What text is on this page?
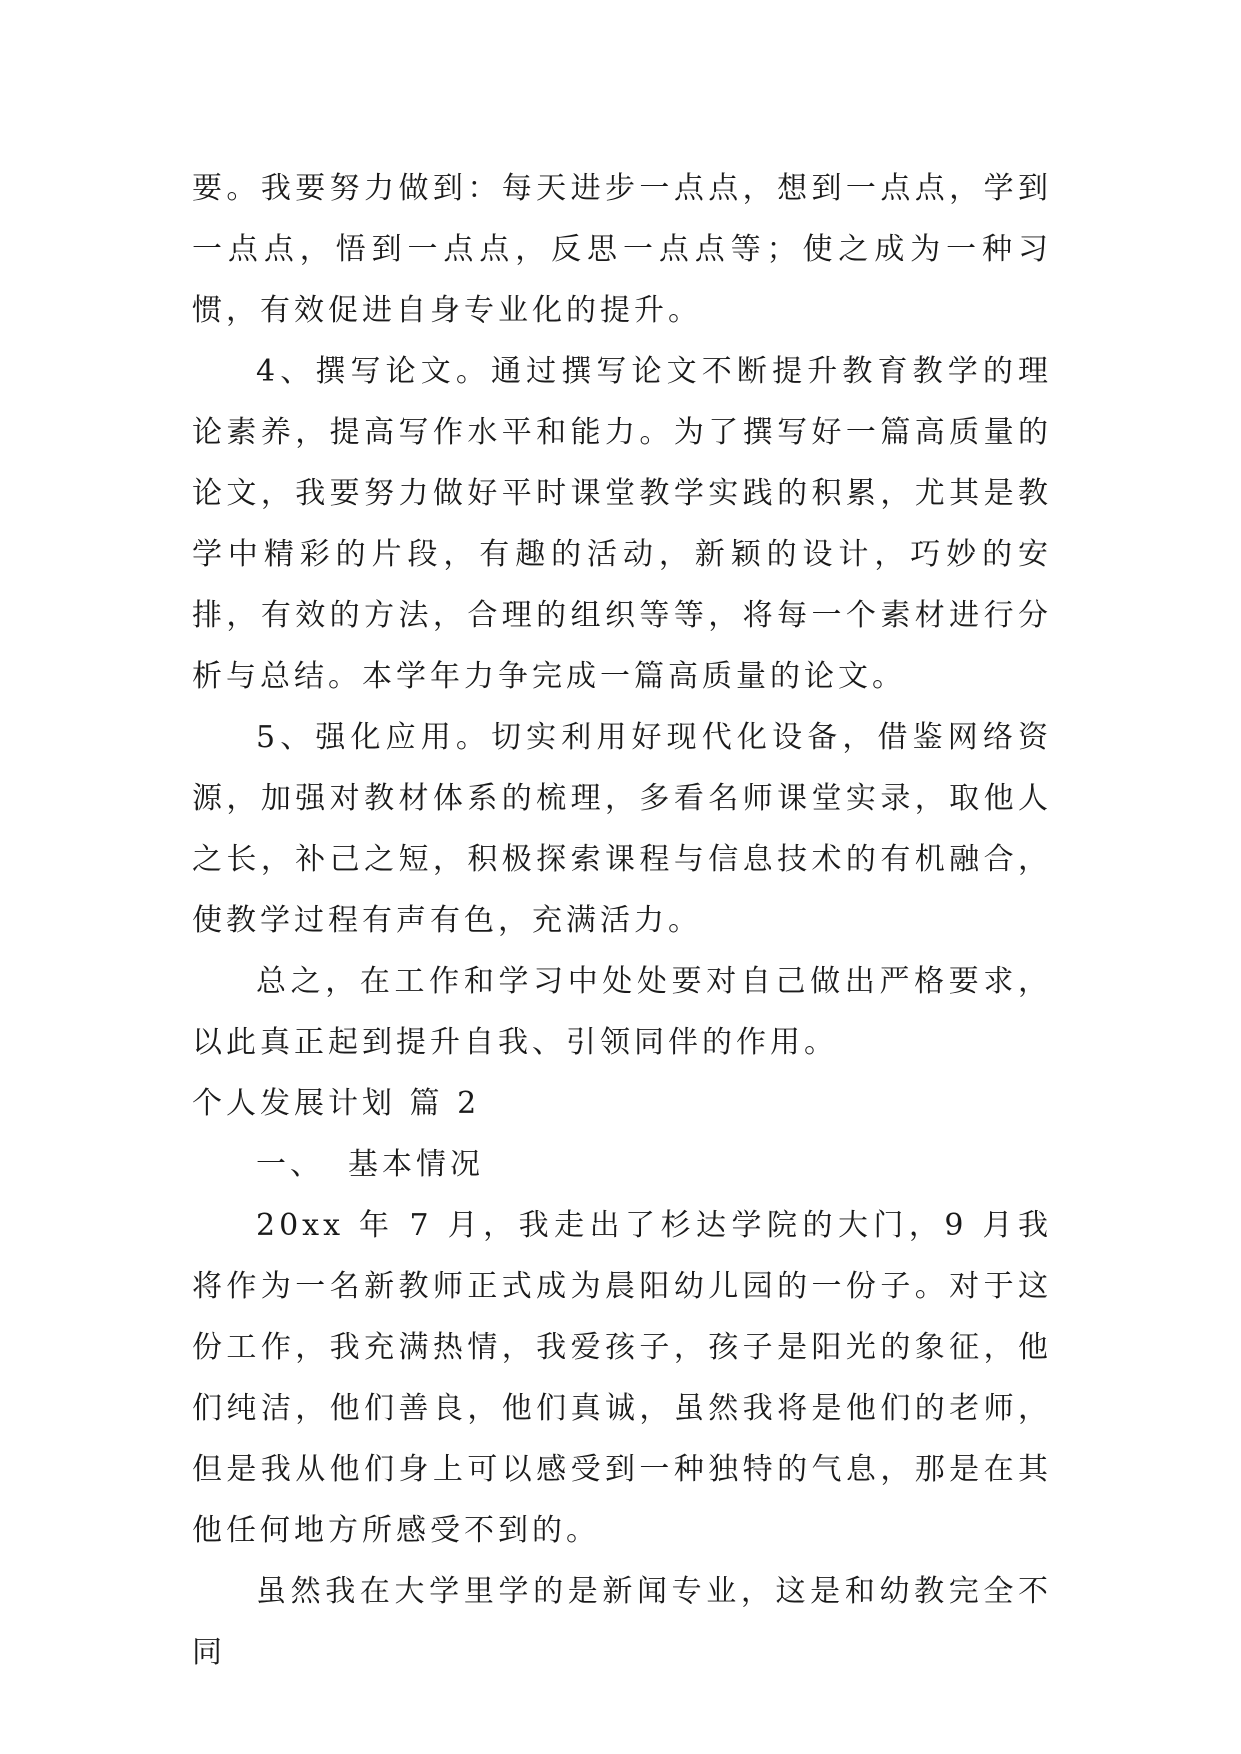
要。我要努力做到：每天进步一点点，想到一点点，学到一点点，悟到一点点，反思一点点等；使之成为一种习惯，有效促进自身专业化的提升。

4、撰写论文。通过撰写论文不断提升教育教学的理论素养，提高写作水平和能力。为了撰写好一篇高质量的论文，我要努力做好平时课堂教学实践的积累，尤其是教学中精彩的片段，有趣的活动，新颖的设计，巧妙的安排，有效的方法，合理的组织等等，将每一个素材进行分析与总结。本学年力争完成一篇高质量的论文。

5、强化应用。切实利用好现代化设备，借鉴网络资源，加强对教材体系的梳理，多看名师课堂实录，取他人之长，补己之短，积极探索课程与信息技术的有机融合，使教学过程有声有色，充满活力。

总之，在工作和学习中处处要对自己做出严格要求，以此真正起到提升自我、引领同伴的作用。

个人发展计划 篇 2

一、 基本情况

20xx 年 7 月，我走出了杉达学院的大门，9 月我将作为一名新教师正式成为晨阳幼儿园的一份子。对于这份工作，我充满热情，我爱孩子，孩子是阳光的象征，他们纯洁，他们善良，他们真诚，虽然我将是他们的老师，但是我从他们身上可以感受到一种独特的气息，那是在其他任何地方所感受不到的。

虽然我在大学里学的是新闻专业，这是和幼教完全不同
